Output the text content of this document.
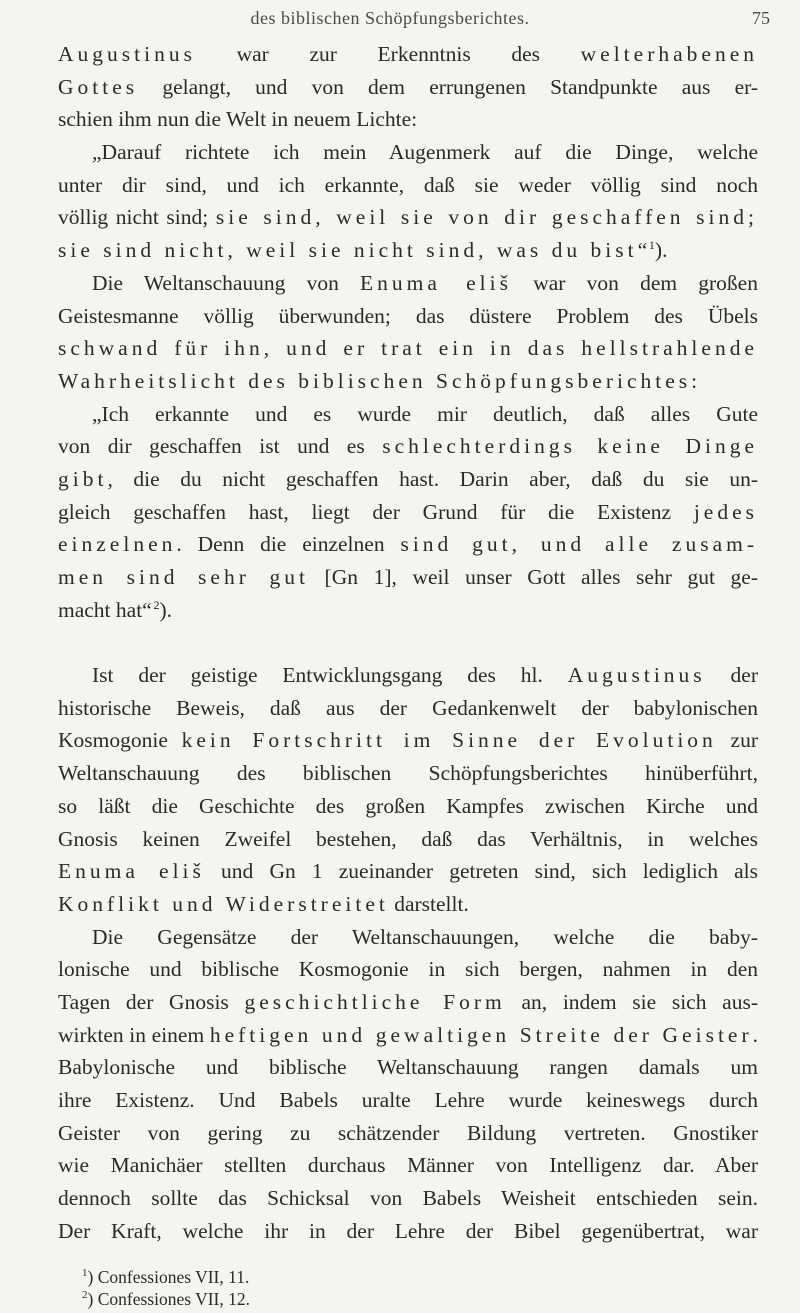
des biblischen Schöpfungsberichtes.	75
Augustinus war zur Erkenntnis des welterhabenen
Gottes gelangt, und von dem errungenen Standpunkte aus er-
schien ihm nun die Welt in neuem Lichte:
„Darauf richtete ich mein Augenmerk auf die Dinge, welche
unter dir sind, und ich erkannte, daß sie weder völlig sind noch
völlig nicht sind; sie sind, weil sie von dir geschaffen sind;
sie sind nicht, weil sie nicht sind, was du bist“  $^1$).
Die Weltanschauung von Enuma eliš war von dem großen
Geistesmanne völlig überwunden; das düstere Problem des Übels
schwand für ihn, und er trat ein in das hellstrahlende
Wahrheitslicht des biblischen Schöpfungsberichtes:
„Ich erkannte und es wurde mir deutlich, daß alles Gute
von dir geschaffen ist und es schlechterdings keine Dinge
gibt, die du nicht geschaffen hast. Darin aber, daß du sie un-
gleich geschaffen hast, liegt der Grund für die Existenz jedes
einzelnen. Denn die einzelnen sind gut, und alle zusam-
men sind sehr gut [Gn 1], weil unser Gott alles sehr gut ge-
macht hat“  $^2$).
Ist der geistige Entwicklungsgang des hl. Augustinus der
historische Beweis, daß aus der Gedankenwelt der babylonischen
Kosmogonie kein Fortschritt im Sinne der Evolution zur
Weltanschauung des biblischen Schöpfungsberichtes hinüberführt,
so läßt die Geschichte des großen Kampfes zwischen Kirche und
Gnosis keinen Zweifel bestehen, daß das Verhältnis, in welches
Enuma eliš und Gn 1 zueinander getreten sind, sich lediglich als
Konflikt und Widerstreitet darstellt.
Die Gegensätze der Weltanschauungen, welche die baby-
lonische und biblische Kosmogonie in sich bergen, nahmen in den
Tagen der Gnosis geschichtliche Form an, indem sie sich aus-
wirkten in einem heftigen und gewaltigen Streite der Geister.
Babylonische und biblische Weltanschauung rangen damals um
ihre Existenz. Und Babels uralte Lehre wurde keineswegs durch
Geister von gering zu schätzender Bildung vertreten. Gnostiker
wie Manichäer stellten durchaus Männer von Intelligenz dar. Aber
dennoch sollte das Schicksal von Babels Weisheit entschieden sein.
Der Kraft, welche ihr in der Lehre der Bibel gegenübertrat, war
$^1$) Confessiones VII, 11.
$^2$) Confessiones VII, 12.
